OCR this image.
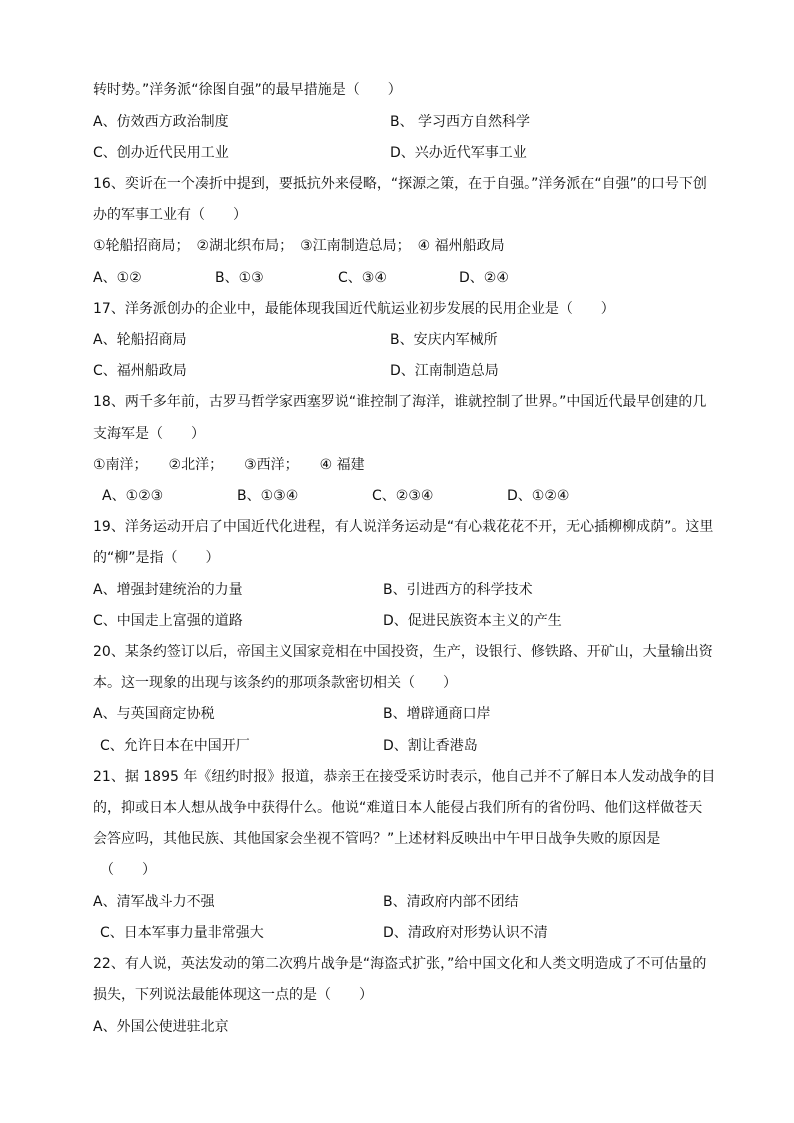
转时势。”洋务派“徐图自强”的最早措施是（　　）
A、仿效西方政治制度	B、 学习西方自然科学
C、创办近代民用工业	D、兴办近代军事工业
16、奕䜣在一个凑折中提到，要抵抗外来侵略，“探源之策，在于自强。”洋务派在“自强”的口号下创
办的军事工业有（　　）
①轮船招商局；　②湖北织布局；　③江南制造总局；　④ 福州船政局
A、①②	B、①③	C、③④	D、②④
17、洋务派创办的企业中，最能体现我国近代航运业初步发展的民用企业是（　　）
A、轮船招商局	B、安庆内军械所
C、福州船政局	D、江南制造总局
18、两千多年前，古罗马哲学家西塞罗说“谁控制了海洋，谁就控制了世界。”中国近代最早创建的几
支海军是（　　）
①南洋；　　②北洋；　　③西洋；　　④ 福建
A、①②③	B、①③④	C、②③④	D、①②④
19、洋务运动开启了中国近代化进程，有人说洋务运动是“有心栽花花不开，无心插柳柳成荫”。这里
的“柳”是指（　　）
A、增强封建统治的力量	B、引进西方的科学技术
C、中国走上富强的道路	D、促进民族资本主义的产生
20、某条约签订以后，帝国主义国家竞相在中国投资，生产，设银行、修铁路、开矿山，大量输出资
本。这一现象的出现与该条约的那项条款密切相关（　　）
A、与英国商定协税	B、增辟通商口岸
C、允许日本在中国开厂	D、割让香港岛
21、据 1895 年《纽约时报》报道，恭亲王在接受采访时表示，他自己并不了解日本人发动战争的目
的，抑或日本人想从战争中获得什么。他说“难道日本人能侵占我们所有的省份吗、他们这样做苍天
会答应吗，其他民族、其他国家会坐视不管吗？”上述材料反映出中午甲日战争失败的原因是
（　　）
A、清军战斗力不强	B、清政府内部不团结
C、日本军事力量非常强大	D、清政府对形势认识不清
22、有人说，英法发动的第二次鸦片战争是“海盗式扩张，”给中国文化和人类文明造成了不可估量的
损失，下列说法最能体现这一点的是（　　）
A、外国公使进驻北京
